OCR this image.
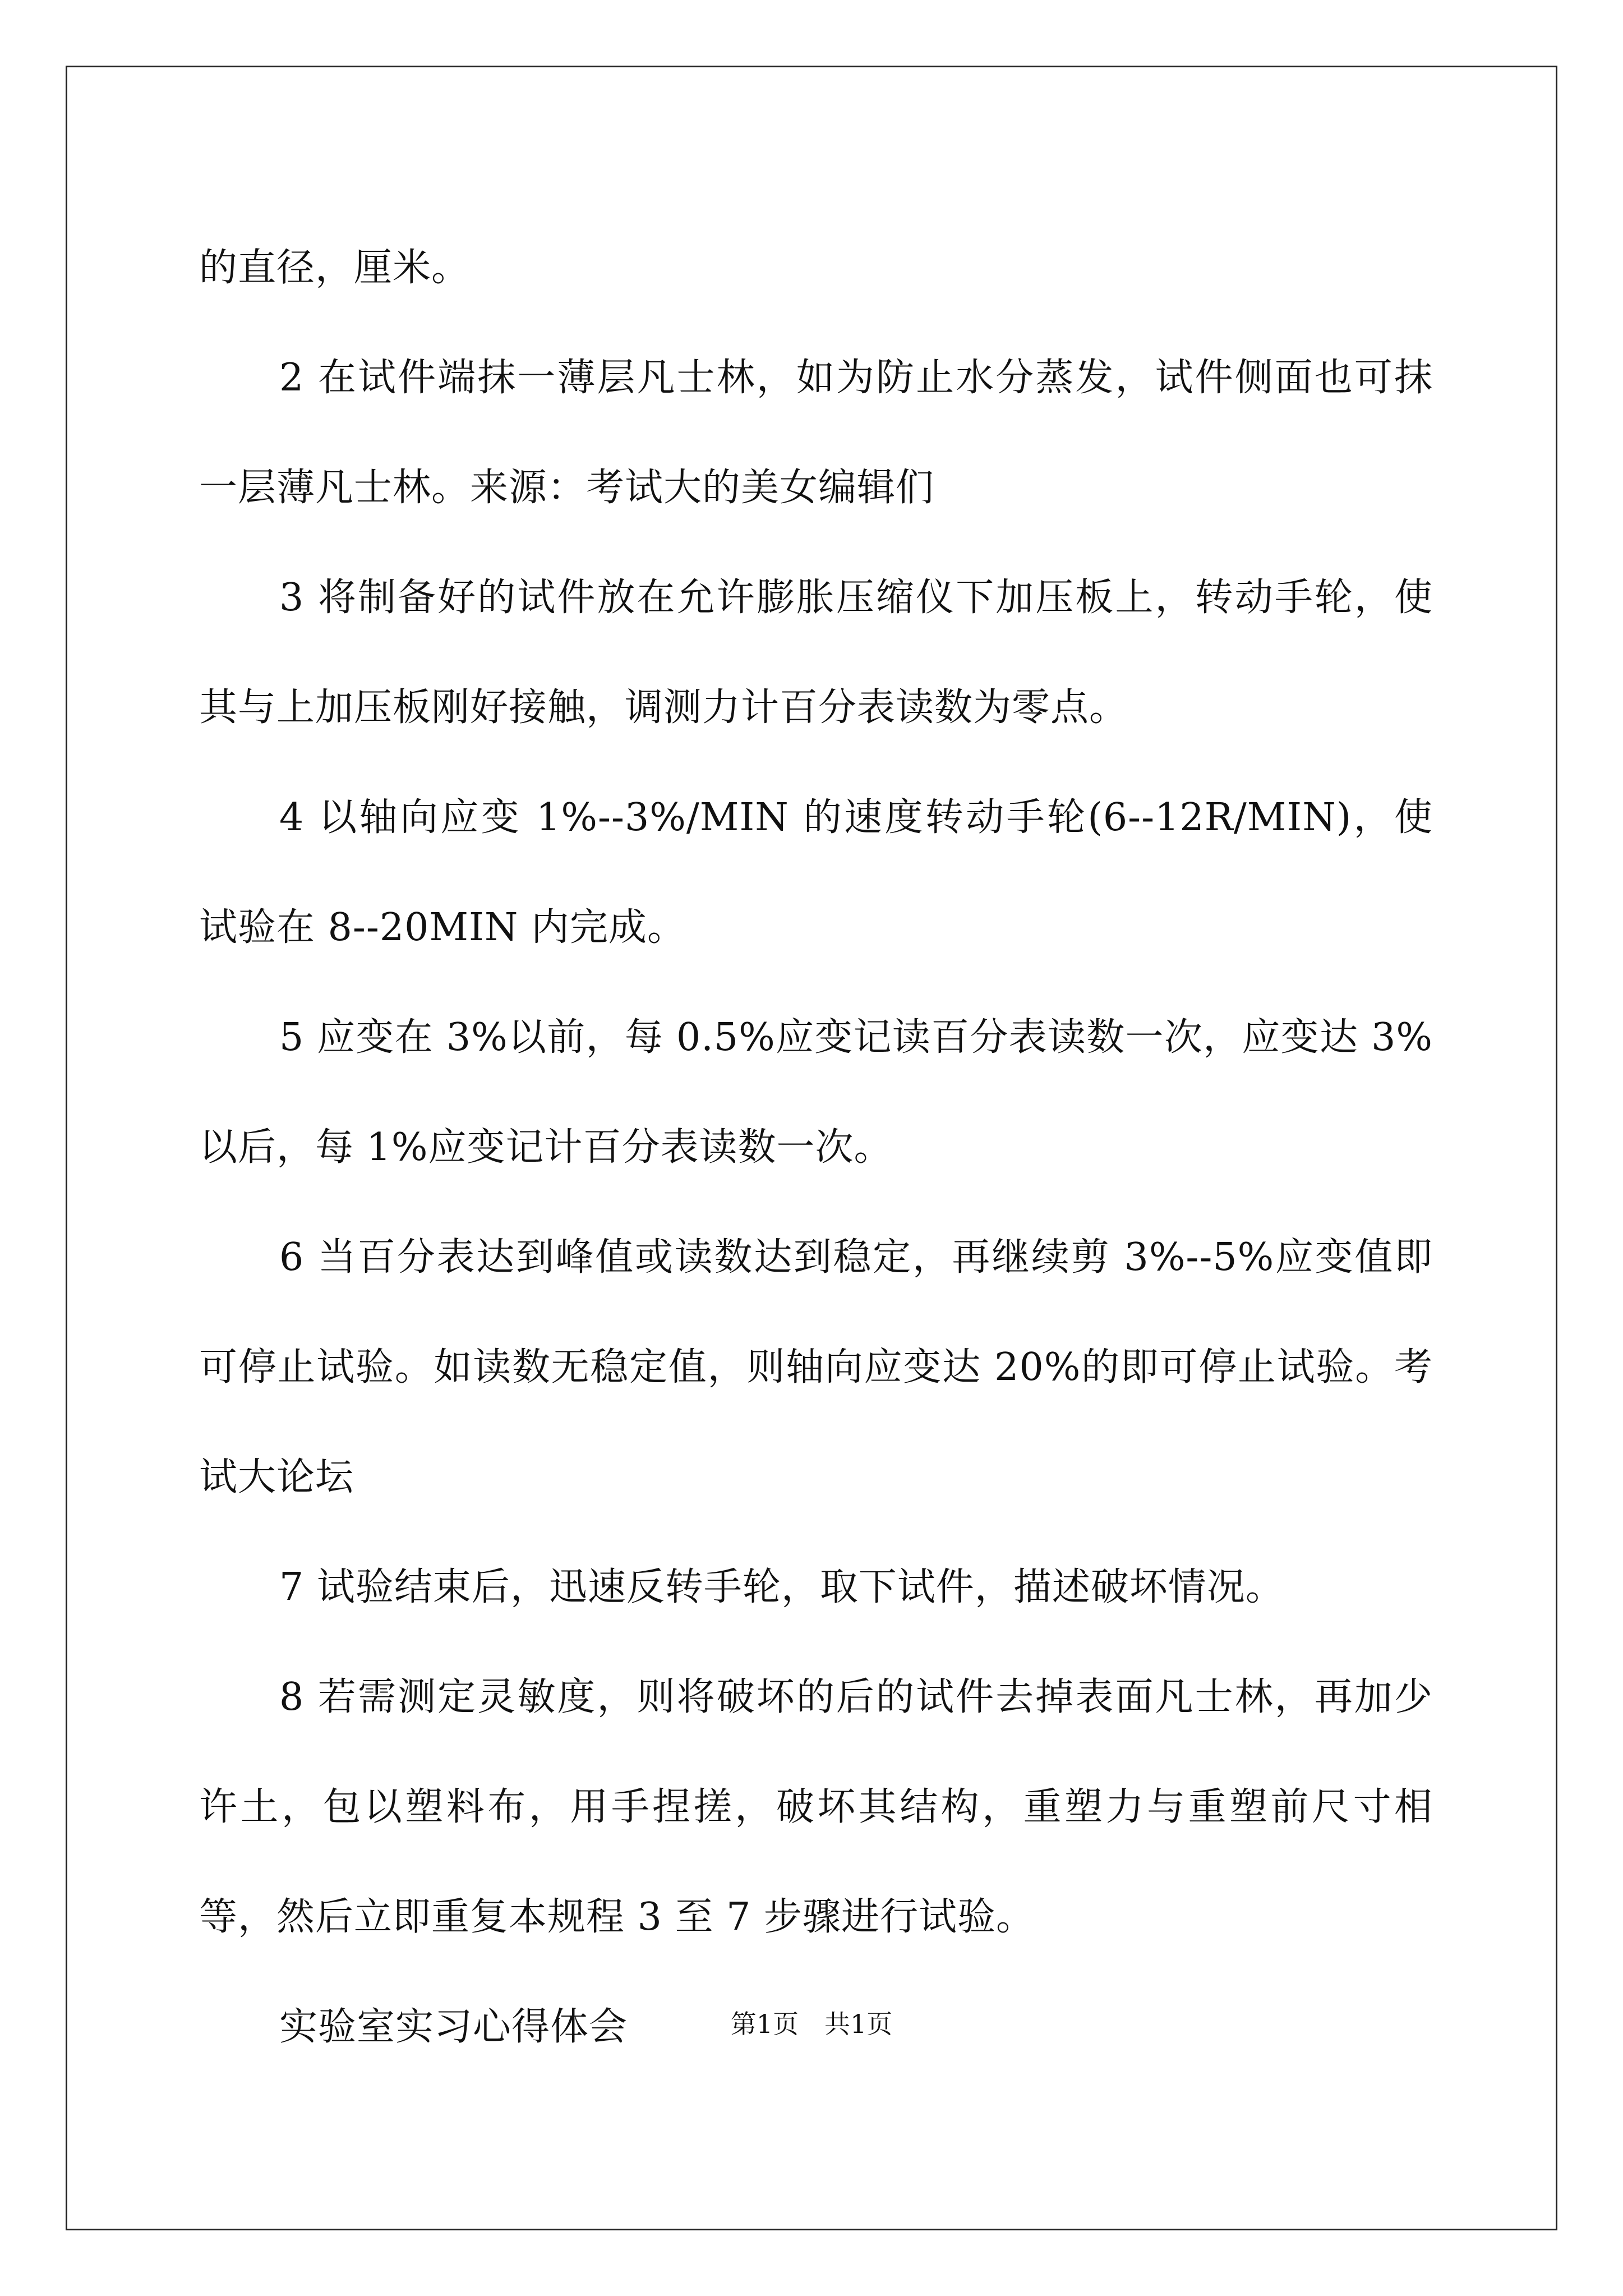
的直径，厘米。

2 在试件端抹一薄层凡士林，如为防止水分蒸发，试件侧面也可抹一层薄凡士林。来源：考试大的美女编辑们

3 将制备好的试件放在允许膨胀压缩仪下加压板上，转动手轮，使其与上加压板刚好接触，调测力计百分表读数为零点。

4 以轴向应变 1%--3%/MIN 的速度转动手轮(6--12R/MIN)，使试验在 8--20MIN 内完成。

5 应变在 3%以前，每 0.5%应变记读百分表读数一次，应变达 3%以后，每 1%应变记计百分表读数一次。

6 当百分表达到峰值或读数达到稳定，再继续剪 3%--5%应变值即可停止试验。如读数无稳定值，则轴向应变达 20%的即可停止试验。考试大论坛

7 试验结束后，迅速反转手轮，取下试件，描述破坏情况。

8 若需测定灵敏度，则将破坏的后的试件去掉表面凡士林，再加少许土，包以塑料布，用手捏搓，破坏其结构，重塑力与重塑前尺寸相等，然后立即重复本规程 3 至 7 步骤进行试验。

实验室实习心得体会	第1页　共1页
